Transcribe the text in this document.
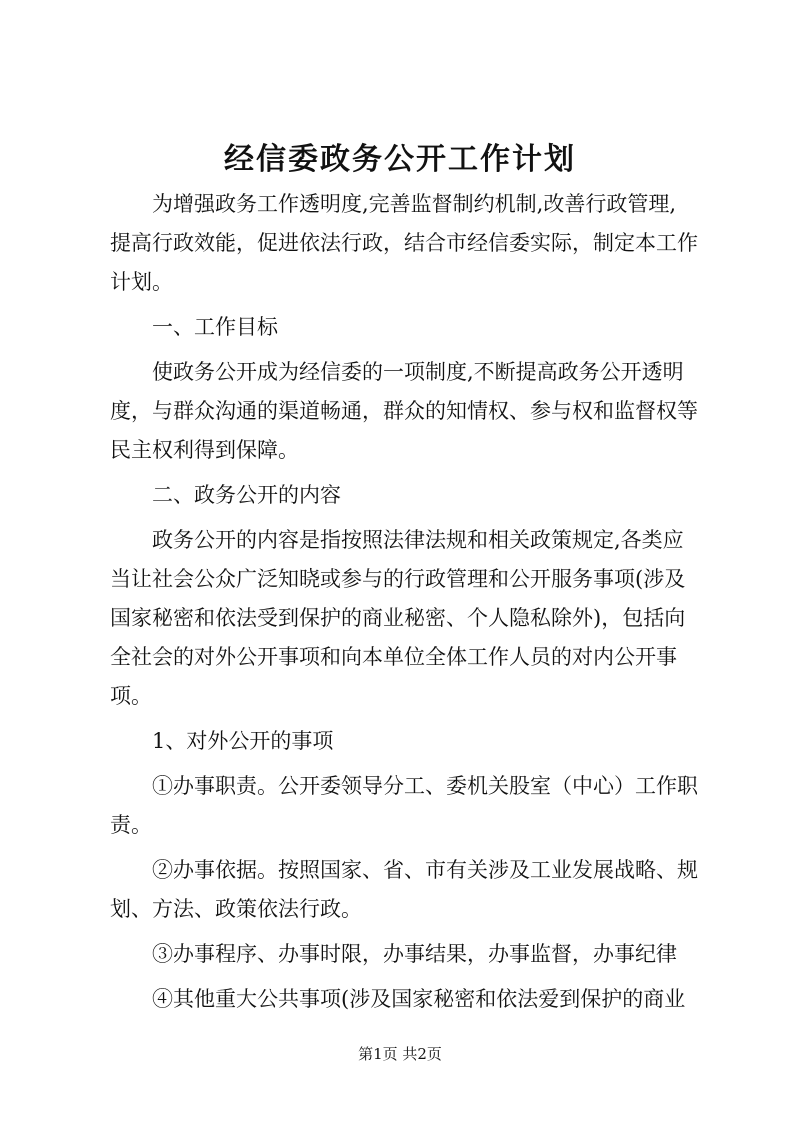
经信委政务公开工作计划
为增强政务工作透明度,完善监督制约机制,改善行政管理,
提高行政效能，促进依法行政，结合市经信委实际，制定本工作
计划。
一、工作目标
使政务公开成为经信委的一项制度,不断提高政务公开透明
度，与群众沟通的渠道畅通，群众的知情权、参与权和监督权等
民主权利得到保障。
二、政务公开的内容
政务公开的内容是指按照法律法规和相关政策规定,各类应
当让社会公众广泛知晓或参与的行政管理和公开服务事项(涉及
国家秘密和依法受到保护的商业秘密、个人隐私除外)，包括向
全社会的对外公开事项和向本单位全体工作人员的对内公开事
项。
1、对外公开的事项
①办事职责。公开委领导分工、委机关股室（中心）工作职
责。
②办事依据。按照国家、省、市有关涉及工业发展战略、规
划、方法、政策依法行政。
③办事程序、办事时限，办事结果，办事监督，办事纪律
④其他重大公共事项(涉及国家秘密和依法爱到保护的商业
第1页 共2页
